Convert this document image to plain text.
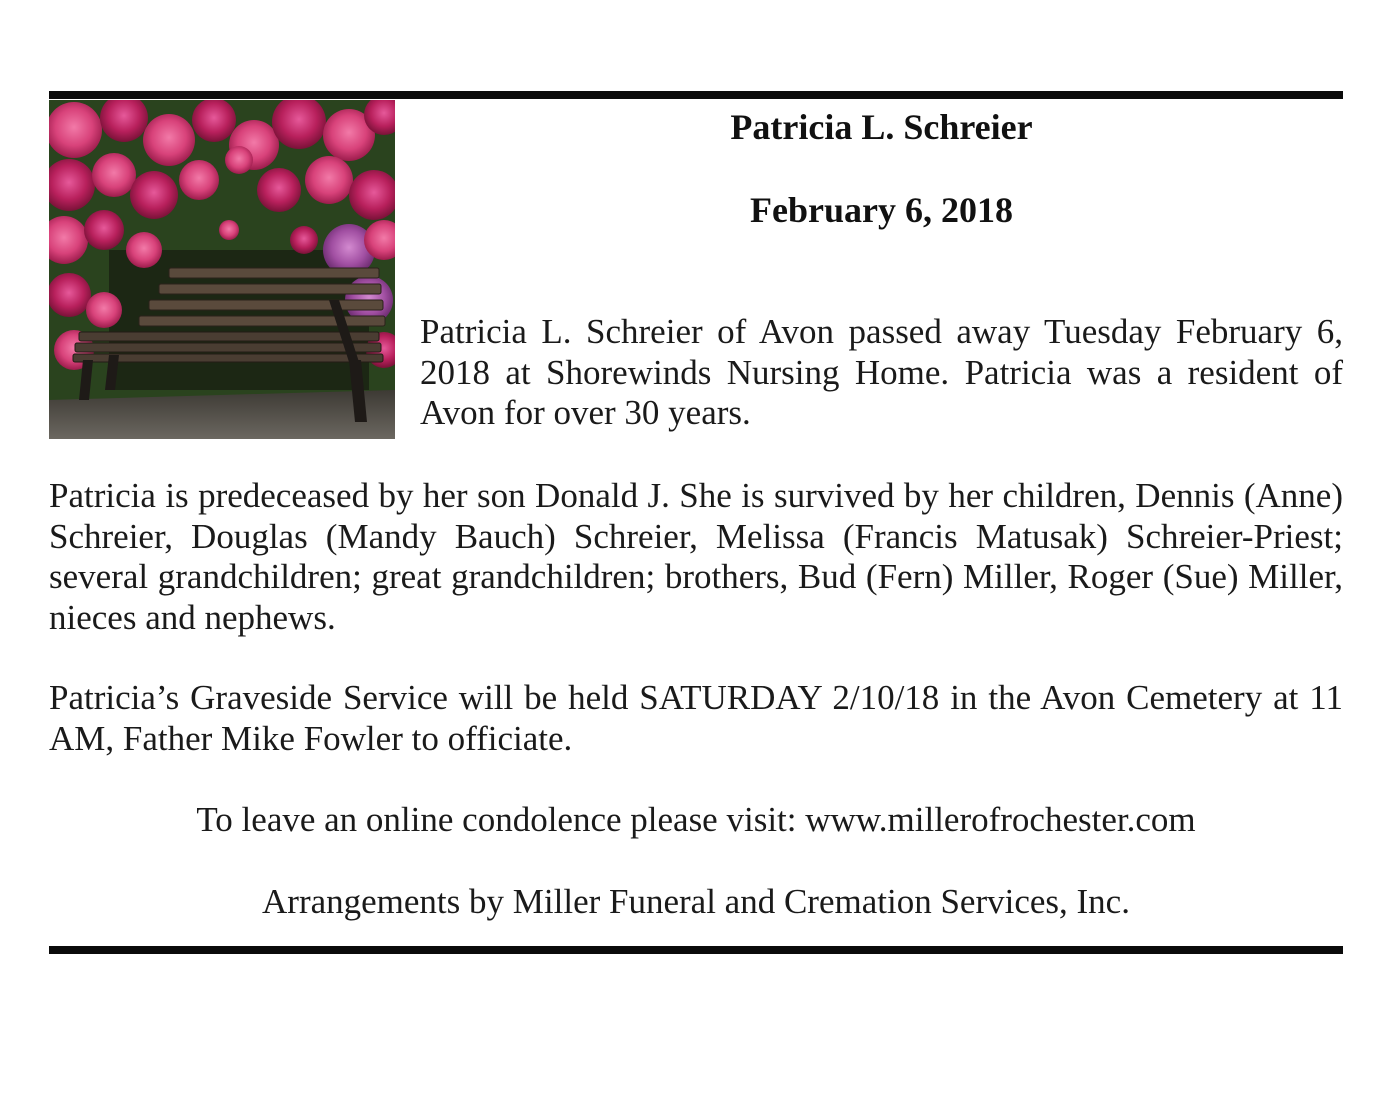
Patricia L. Schreier
February 6, 2018

Patricia L. Schreier of Avon passed away Tuesday February 6, 2018 at Shorewinds Nursing Home. Patricia was a resident of Avon for over 30 years.

Patricia is predeceased by her son Donald J. She is survived by her children, Dennis (Anne) Schreier, Douglas (Mandy Bauch) Schreier, Melissa (Francis Matusak) Schreier-Priest; several grandchildren; great grandchildren; brothers, Bud (Fern) Miller, Roger (Sue) Miller, nieces and nephews.

Patricia’s Graveside Service will be held SATURDAY 2/10/18 in the Avon Cemetery at 11 AM, Father Mike Fowler to officiate.

To leave an online condolence please visit: www.millerofrochester.com

Arrangements by Miller Funeral and Cremation Services, Inc.
